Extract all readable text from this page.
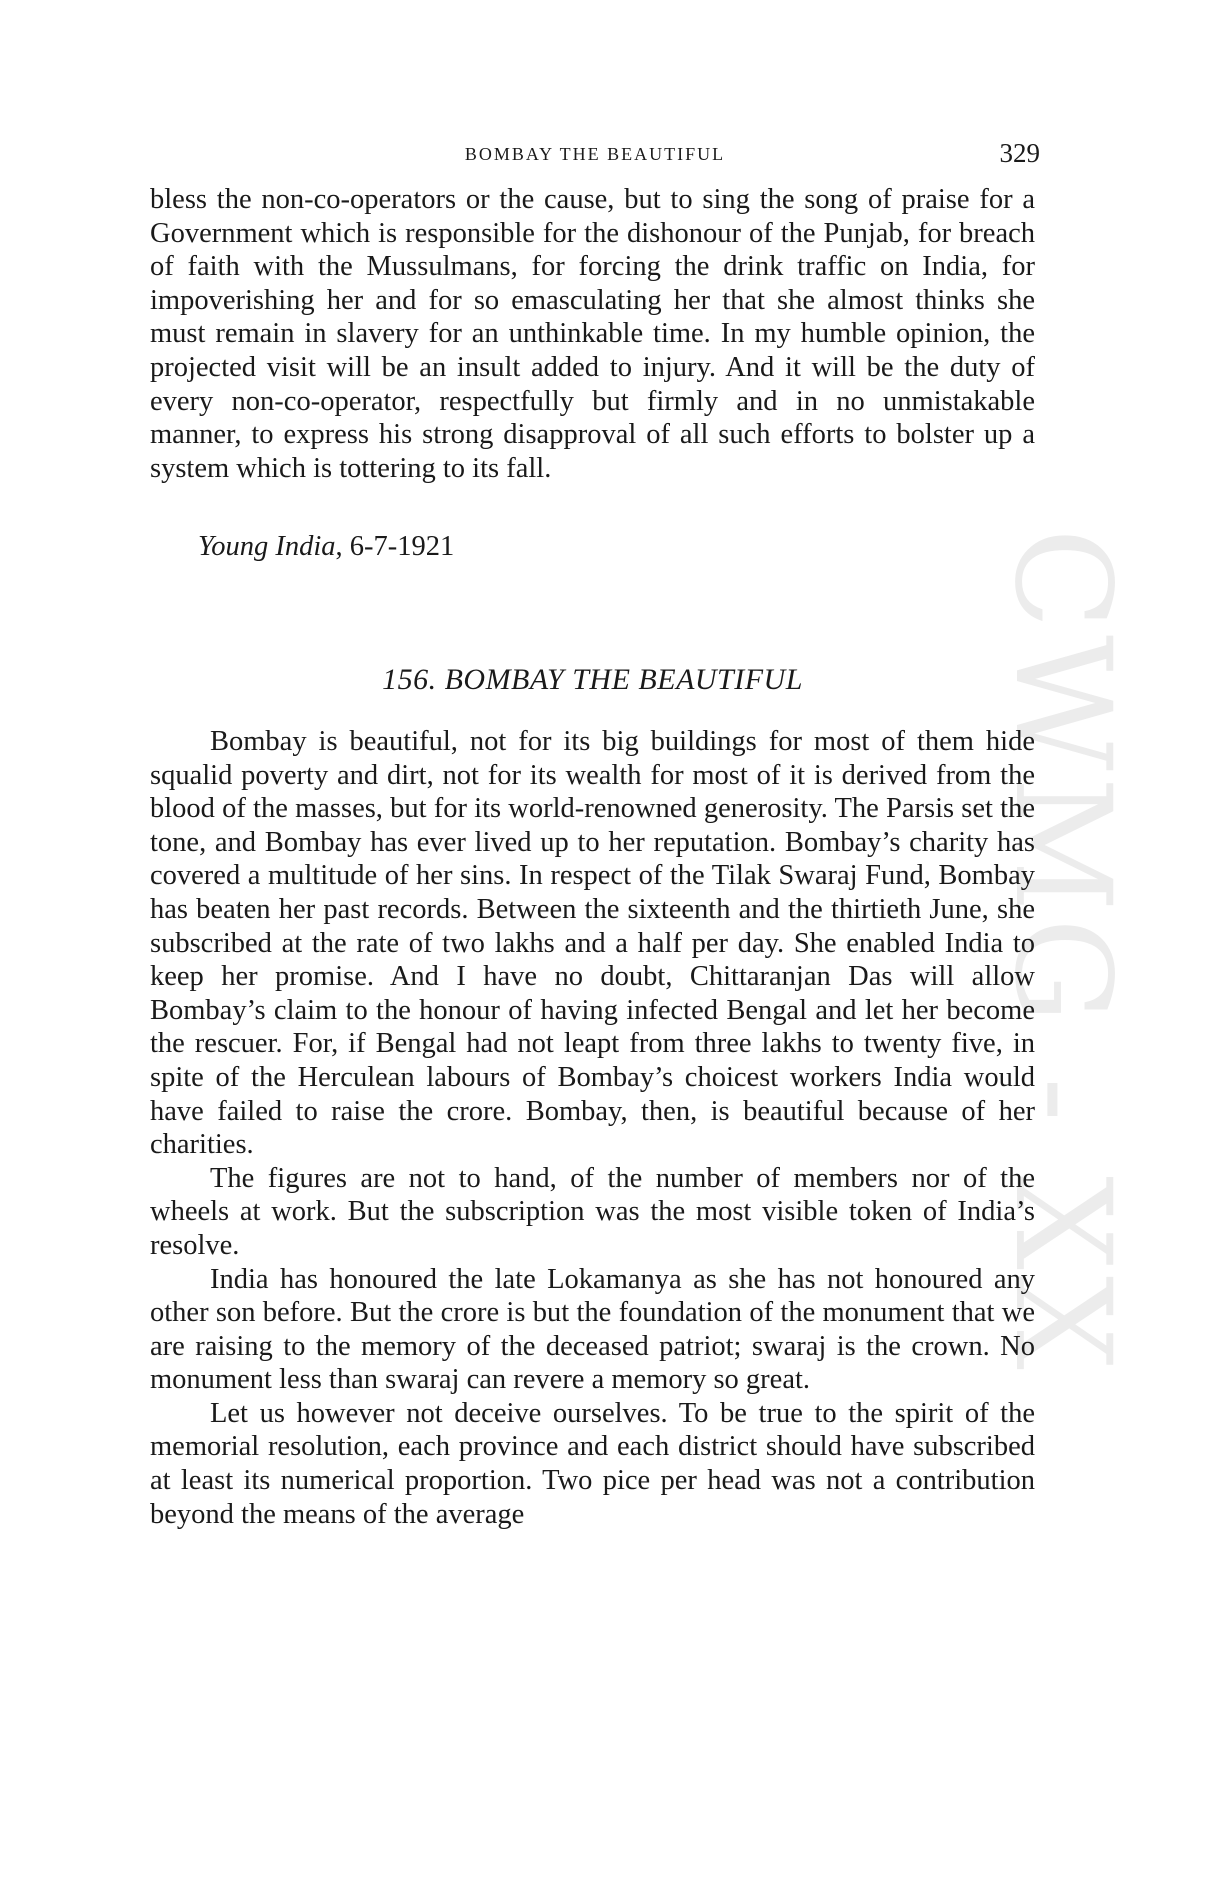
BOMBAY THE BEAUTIFUL	329
CWMG - XX

bless the non-co-operators or the cause, but to sing the song of praise for a Government which is responsible for the dishonour of the Punjab, for breach of faith with the Mussulmans, for forcing the drink traffic on India, for impoverishing her and for so emasculating her that she almost thinks she must remain in slavery for an unthinkable time. In my humble opinion, the projected visit will be an insult added to injury. And it will be the duty of every non-co-operator, respectfully but firmly and in no unmistakable manner, to express his strong disapproval of all such efforts to bolster up a system which is tottering to its fall.

Young India, 6-7-1921
156. BOMBAY THE BEAUTIFUL

Bombay is beautiful, not for its big buildings for most of them hide squalid poverty and dirt, not for its wealth for most of it is derived from the blood of the masses, but for its world-renowned generosity. The Parsis set the tone, and Bombay has ever lived up to her reputation. Bombay’s charity has covered a multitude of her sins. In respect of the Tilak Swaraj Fund, Bombay has beaten her past records. Between the sixteenth and the thirtieth June, she subscribed at the rate of two lakhs and a half per day. She enabled India to keep her promise. And I have no doubt, Chittaranjan Das will allow Bombay’s claim to the honour of having infected Bengal and let her become the rescuer. For, if Bengal had not leapt from three lakhs to twenty five, in spite of the Herculean labours of Bombay’s choicest workers India would have failed to raise the crore. Bombay, then, is beautiful because of her charities.

The figures are not to hand, of the number of members nor of the wheels at work. But the subscription was the most visible token of India’s resolve.

India has honoured the late Lokamanya as she has not honoured any other son before. But the crore is but the foundation of the monument that we are raising to the memory of the deceased patriot; swaraj is the crown. No monument less than swaraj can revere a memory so great.

Let us however not deceive ourselves. To be true to the spirit of the memorial resolution, each province and each district should have subscribed at least its numerical proportion. Two pice per head was not a contribution beyond the means of the average
